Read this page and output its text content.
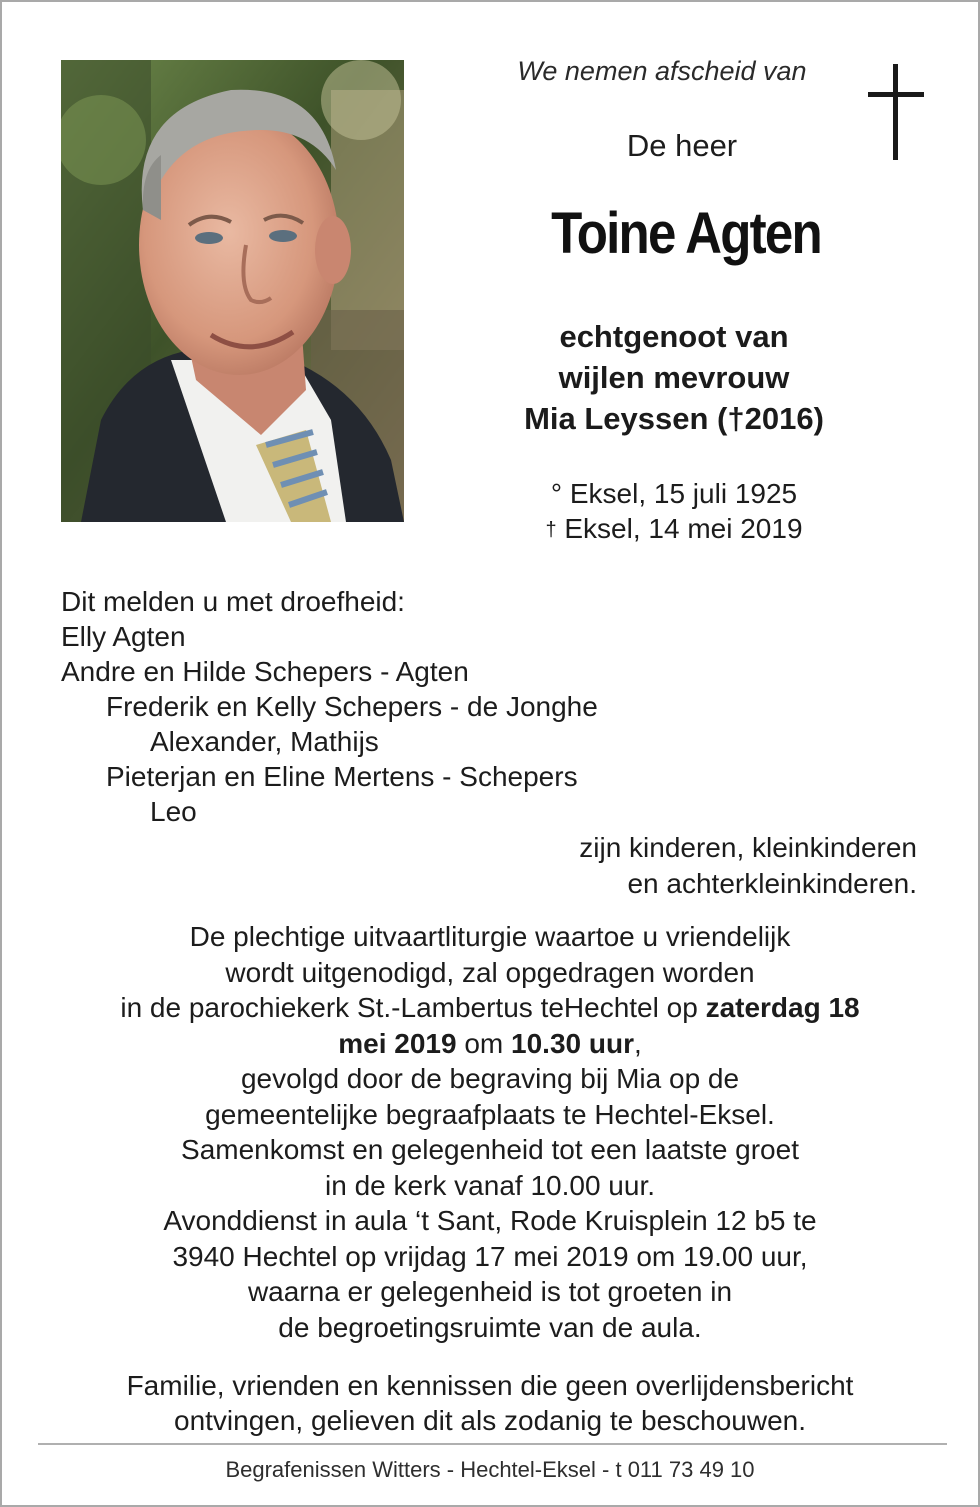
We nemen afscheid van
De heer
Toine Agten
echtgenoot van
wijlen mevrouw
Mia Leyssen (†2016)
° Eksel, 15 juli 1925
† Eksel, 14 mei 2019
Dit melden u met droefheid:
Elly Agten
Andre en Hilde Schepers - Agten
Frederik en Kelly Schepers - de Jonghe
Alexander, Mathijs
Pieterjan en Eline Mertens - Schepers
Leo
zijn kinderen, kleinkinderen
en achterkleinkinderen.
De plechtige uitvaartliturgie waartoe u vriendelijk
wordt uitgenodigd, zal opgedragen worden
in de parochiekerk St.-Lambertus teHechtel op zaterdag 18
mei 2019 om 10.30 uur,
gevolgd door de begraving bij Mia op de
gemeentelijke begraafplaats te Hechtel-Eksel.
Samenkomst en gelegenheid tot een laatste groet
in de kerk vanaf 10.00 uur.
Avonddienst in aula ‘t Sant, Rode Kruisplein 12 b5 te
3940 Hechtel op vrijdag 17 mei 2019 om 19.00 uur,
waarna er gelegenheid is tot groeten in
de begroetingsruimte van de aula.
Familie, vrienden en kennissen die geen overlijdensbericht
ontvingen, gelieven dit als zodanig te beschouwen.
Begrafenissen Witters - Hechtel-Eksel - t 011 73 49 10
